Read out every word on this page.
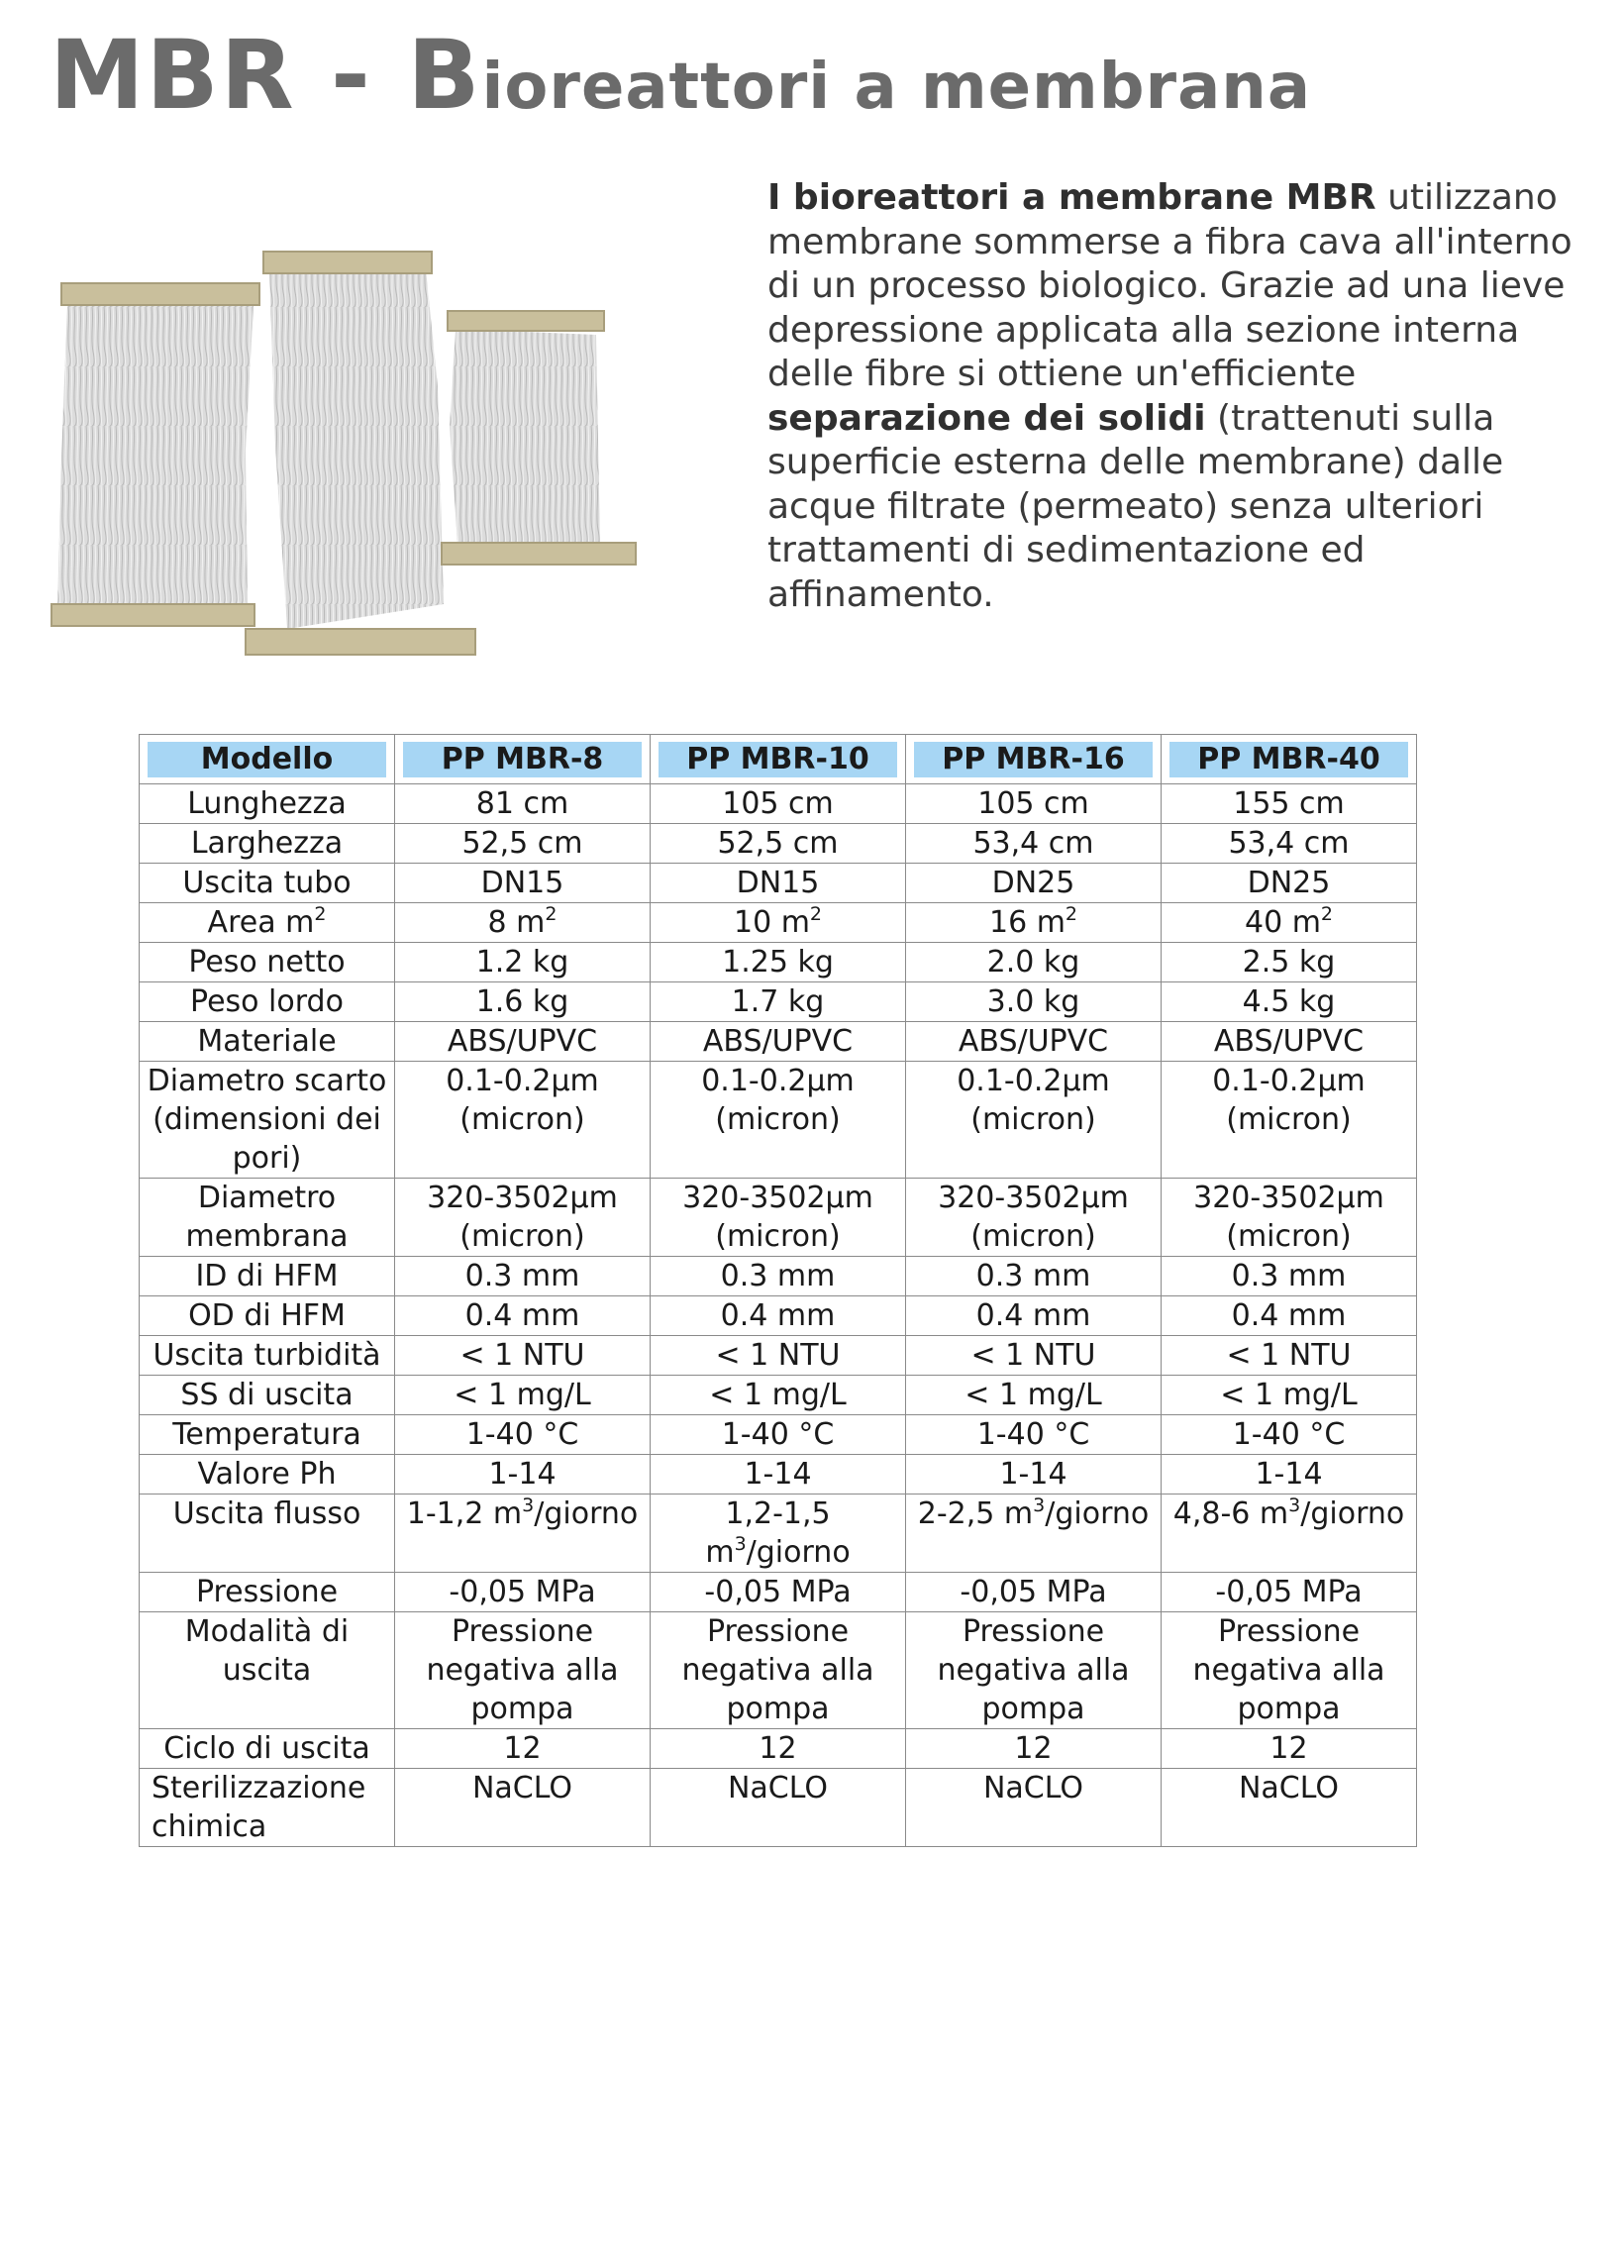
MBR - Bioreattori a membrana

I bioreattori a membrane MBR utilizzano membrane sommerse a fibra cava all'interno di un processo biologico. Grazie ad una lieve depressione applicata alla sezione interna delle fibre si ottiene un'efficiente separazione dei solidi (trattenuti sulla superficie esterna delle membrane) dalle acque filtrate (permeato) senza ulteriori trattamenti di sedimentazione ed affinamento.

Modello	PP MBR-8	PP MBR-10	PP MBR-16	PP MBR-40

Lunghezza	81 cm	105 cm	105 cm	155 cm
Larghezza	52,5 cm	52,5 cm	53,4 cm	53,4 cm
Uscita tubo	DN15	DN15	DN25	DN25
Area $m^2$	8 $m^2$	10 $m^2$	16 $m^2$	40 $m^2$
Peso netto	1.2 kg	1.25 kg	2.0 kg	2.5 kg
Peso lordo	1.6 kg	1.7 kg	3.0 kg	4.5 kg
Materiale	ABS/UPVC	ABS/UPVC	ABS/UPVC	ABS/UPVC
Diametro scarto (dimensioni dei pori)	0.1-0.2μm (micron)	0.1-0.2μm (micron)	0.1-0.2μm (micron)	0.1-0.2μm (micron)
Diametro membrana	320-3502μm (micron)	320-3502μm (micron)	320-3502μm (micron)	320-3502μm (micron)
ID di HFM	0.3 mm	0.3 mm	0.3 mm	0.3 mm
OD di HFM	0.4 mm	0.4 mm	0.4 mm	0.4 mm
Uscita turbidità	< 1 NTU	< 1 NTU	< 1 NTU	< 1 NTU
SS di uscita	< 1 mg/L	< 1 mg/L	< 1 mg/L	< 1 mg/L
Temperatura	1-40 °C	1-40 °C	1-40 °C	1-40 °C
Valore Ph	1-14	1-14	1-14	1-14
Uscita flusso	1-1,2 $m^3$/giorno	1,2-1,5 $m^3$/giorno	2-2,5 $m^3$/giorno	4,8-6 $m^3$/giorno
Pressione	-0,05 MPa	-0,05 MPa	-0,05 MPa	-0,05 MPa
Modalità di uscita	Pressione negativa alla pompa	Pressione negativa alla pompa	Pressione negativa alla pompa	Pressione negativa alla pompa
Ciclo di uscita	12	12	12	12
Sterilizzazione chimica	NaCLO	NaCLO	NaCLO	NaCLO
